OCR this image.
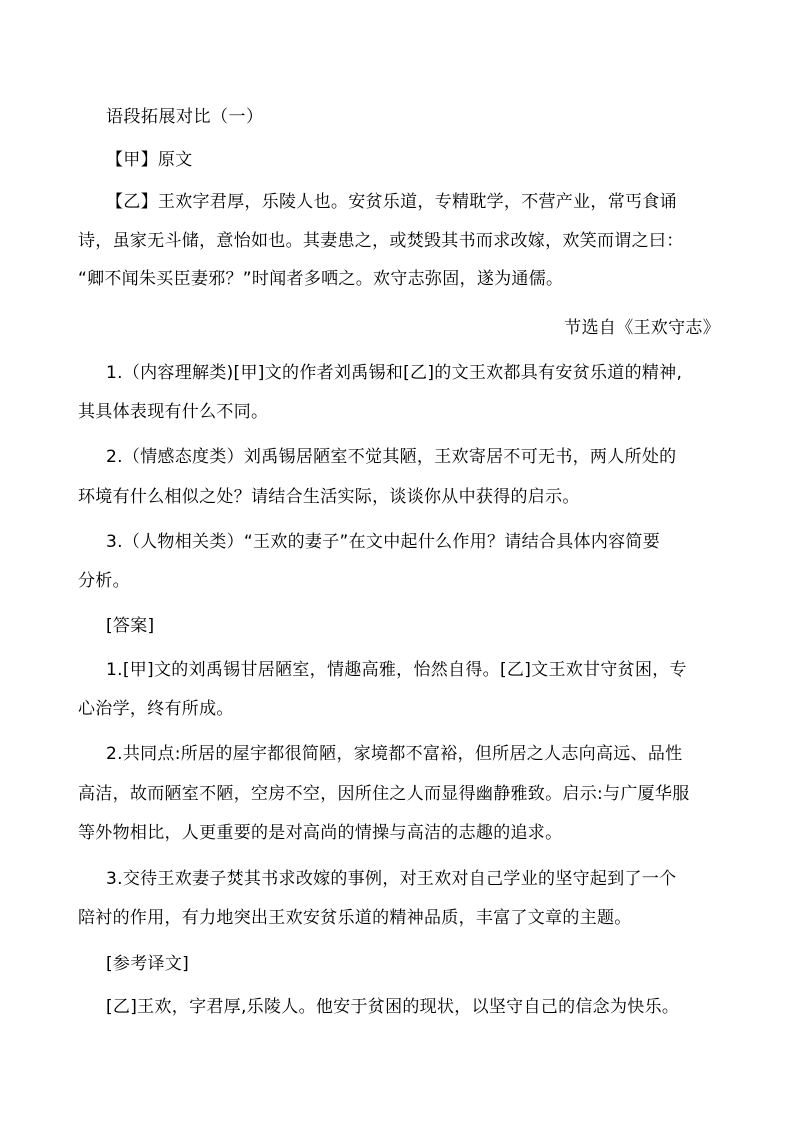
语段拓展对比（一）
【甲】原文
【乙】王欢字君厚，乐陵人也。安贫乐道，专精耽学，不营产业，常丐食诵
诗，虽家无斗储，意怡如也。其妻患之，或焚毁其书而求改嫁，欢笑而谓之曰：
“卿不闻朱买臣妻邪？”时闻者多哂之。欢守志弥固，遂为通儒。
节选自《王欢守志》
1.（内容理解类)[甲]文的作者刘禹锡和[乙]的文王欢都具有安贫乐道的精神,
其具体表现有什么不同。
2.（情感态度类）刘禹锡居陋室不觉其陋，王欢寄居不可无书，两人所处的
环境有什么相似之处？请结合生活实际，谈谈你从中获得的启示。
3.（人物相关类）“王欢的妻子”在文中起什么作用？请结合具体内容简要
分析。
[答案]
1.[甲]文的刘禹锡甘居陋室，情趣高雅，怡然自得。[乙]文王欢甘守贫困，专
心治学，终有所成。
2.共同点:所居的屋宇都很简陋，家境都不富裕，但所居之人志向高远、品性
高洁，故而陋室不陋，空房不空，因所住之人而显得幽静雅致。启示:与广厦华服
等外物相比，人更重要的是对高尚的情操与高洁的志趣的追求。
3.交待王欢妻子焚其书求改嫁的事例，对王欢对自己学业的坚守起到了一个
陪衬的作用，有力地突出王欢安贫乐道的精神品质，丰富了文章的主题。
[参考译文]
[乙]王欢，字君厚,乐陵人。他安于贫困的现状，以坚守自己的信念为快乐。
